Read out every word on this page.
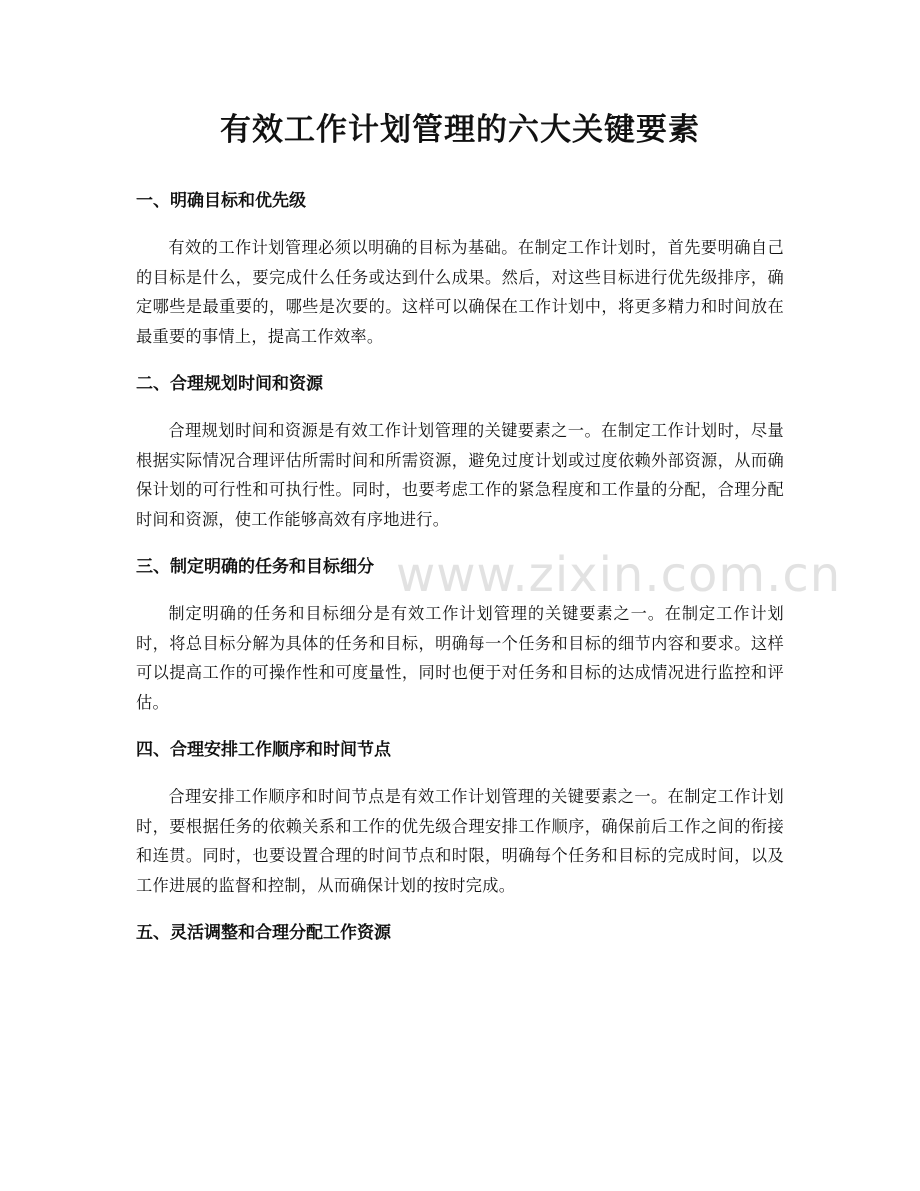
有效工作计划管理的六大关键要素
一、明确目标和优先级

有效的工作计划管理必须以明确的目标为基础。在制定工作计划时，首先要明确自己的目标是什么，要完成什么任务或达到什么成果。然后，对这些目标进行优先级排序，确定哪些是最重要的，哪些是次要的。这样可以确保在工作计划中，将更多精力和时间放在最重要的事情上，提高工作效率。

二、合理规划时间和资源

合理规划时间和资源是有效工作计划管理的关键要素之一。在制定工作计划时，尽量根据实际情况合理评估所需时间和所需资源，避免过度计划或过度依赖外部资源，从而确保计划的可行性和可执行性。同时，也要考虑工作的紧急程度和工作量的分配，合理分配时间和资源，使工作能够高效有序地进行。

三、制定明确的任务和目标细分

制定明确的任务和目标细分是有效工作计划管理的关键要素之一。在制定工作计划时，将总目标分解为具体的任务和目标，明确每一个任务和目标的细节内容和要求。这样可以提高工作的可操作性和可度量性，同时也便于对任务和目标的达成情况进行监控和评估。

四、合理安排工作顺序和时间节点

合理安排工作顺序和时间节点是有效工作计划管理的关键要素之一。在制定工作计划时，要根据任务的依赖关系和工作的优先级合理安排工作顺序，确保前后工作之间的衔接和连贯。同时，也要设置合理的时间节点和时限，明确每个任务和目标的完成时间，以及工作进展的监督和控制，从而确保计划的按时完成。

五、灵活调整和合理分配工作资源
www.zixin.com.cn
